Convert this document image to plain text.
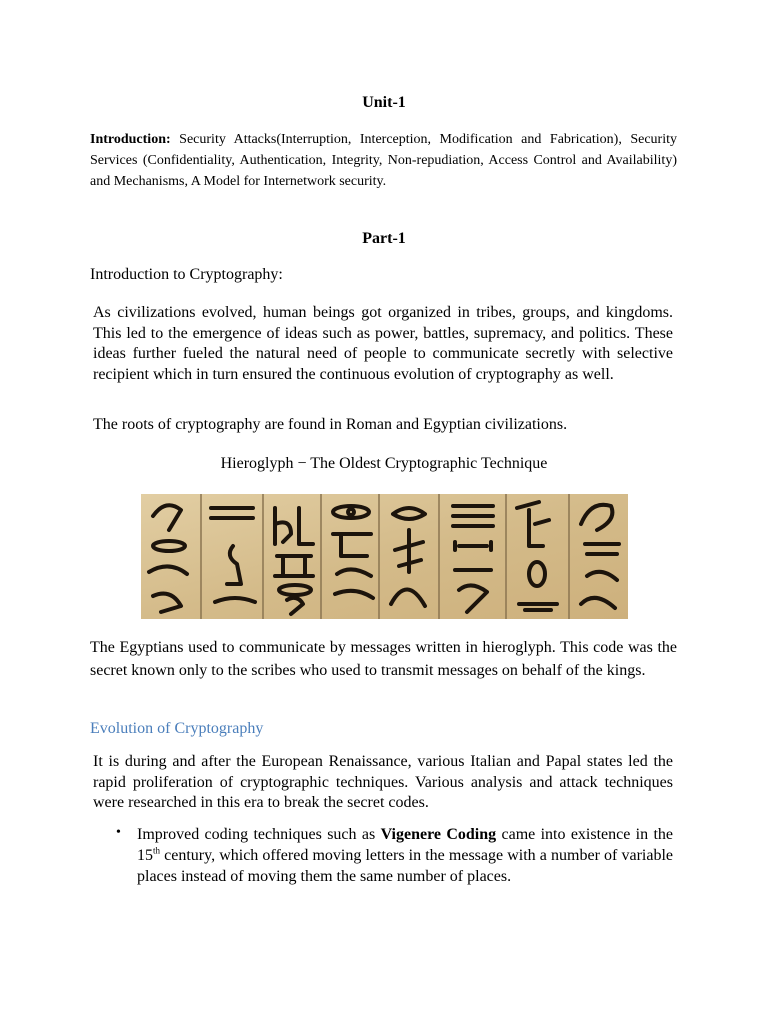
Unit-1
Introduction: Security Attacks(Interruption, Interception, Modification and Fabrication), Security Services (Confidentiality, Authentication, Integrity, Non-repudiation, Access Control and Availability) and Mechanisms, A Model for Internetwork security.
Part-1
Introduction to Cryptography:
As civilizations evolved, human beings got organized in tribes, groups, and kingdoms. This led to the emergence of ideas such as power, battles, supremacy, and politics. These ideas further fueled the natural need of people to communicate secretly with selective recipient which in turn ensured the continuous evolution of cryptography as well.
The roots of cryptography are found in Roman and Egyptian civilizations.
Hieroglyph − The Oldest Cryptographic Technique
The Egyptians used to communicate by messages written in hieroglyph. This code was the secret known only to the scribes who used to transmit messages on behalf of the kings.
Evolution of Cryptography
It is during and after the European Renaissance, various Italian and Papal states led the rapid proliferation of cryptographic techniques. Various analysis and attack techniques were researched in this era to break the secret codes.
• Improved coding techniques such as Vigenere Coding came into existence in the 15th century, which offered moving letters in the message with a number of variable places instead of moving them the same number of places.
